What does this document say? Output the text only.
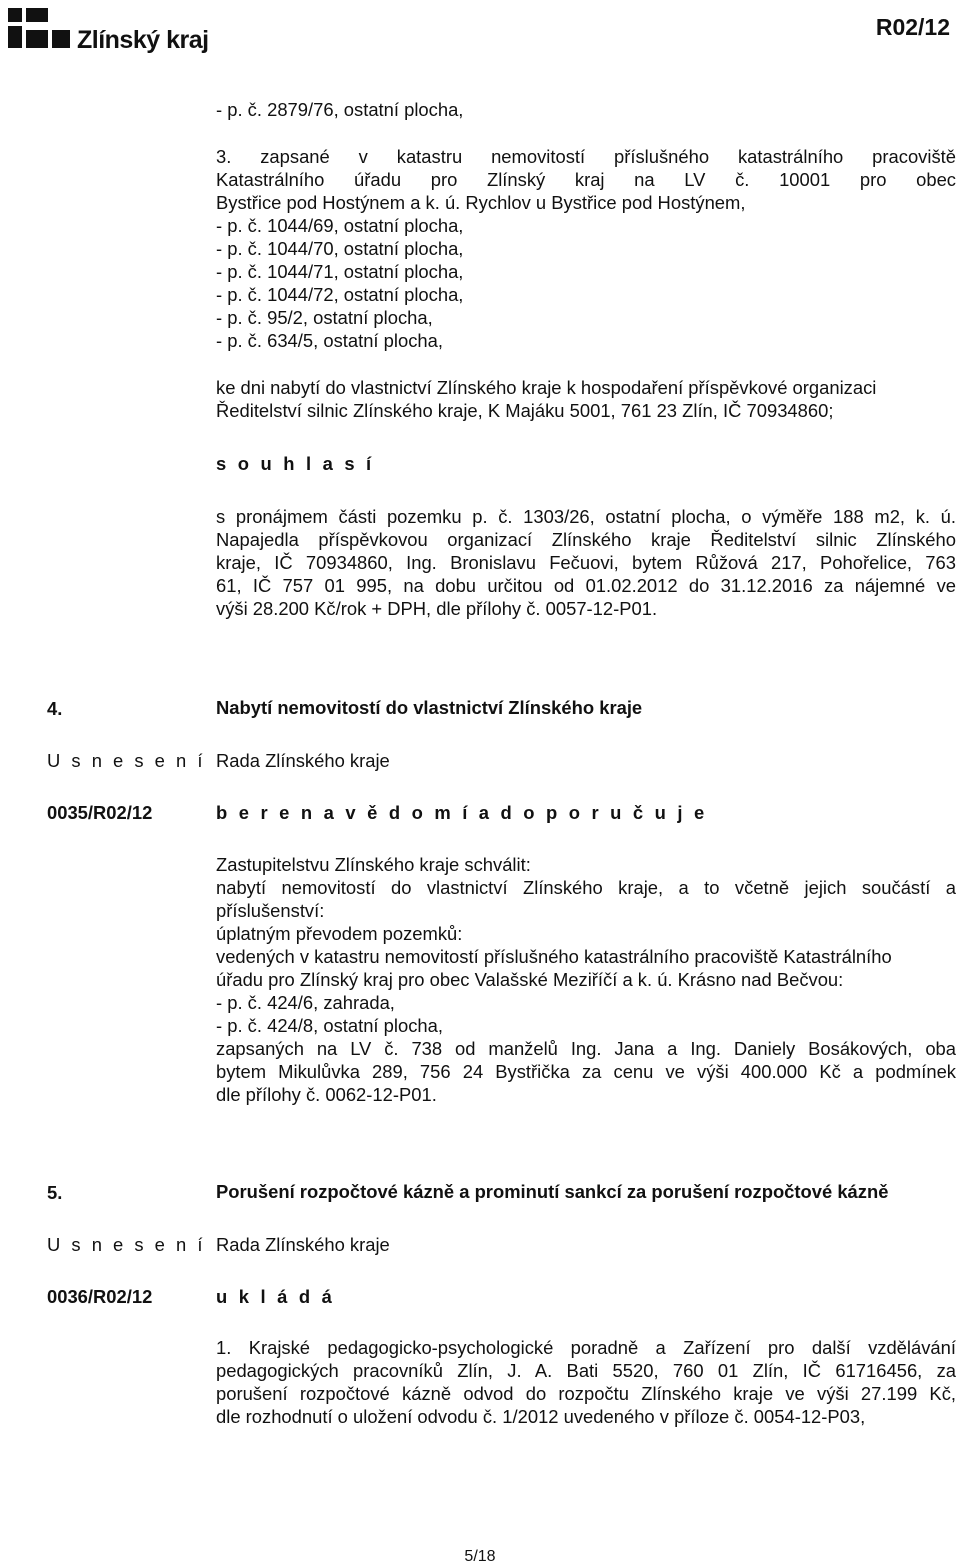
Zlínský kraj	R02/12
- p. č. 2879/76, ostatní plocha,
3. zapsané v katastru nemovitostí příslušného katastrálního pracoviště
Katastrálního úřadu pro Zlínský kraj na LV č. 10001 pro obec
Bystřice pod Hostýnem a k. ú. Rychlov u Bystřice pod Hostýnem,
- p. č. 1044/69, ostatní plocha,
- p. č. 1044/70, ostatní plocha,
- p. č. 1044/71, ostatní plocha,
- p. č. 1044/72, ostatní plocha,
- p. č. 95/2, ostatní plocha,
- p. č. 634/5, ostatní plocha,
ke dni nabytí do vlastnictví Zlínského kraje k hospodaření příspěvkové organizaci
Ředitelství silnic Zlínského kraje, K Majáku 5001, 761 23 Zlín, IČ 70934860;
s o u h l a s í
s pronájmem části pozemku p. č. 1303/26, ostatní plocha, o výměře 188 m2, k. ú.
Napajedla příspěvkovou organizací Zlínského kraje Ředitelství silnic Zlínského
kraje, IČ 70934860, Ing. Bronislavu Fečuovi, bytem Růžová 217, Pohořelice, 763
61, IČ 757 01 995, na dobu určitou od 01.02.2012 do 31.12.2016 za nájemné ve
výši 28.200 Kč/rok + DPH, dle přílohy č. 0057-12-P01.
4.	Nabytí nemovitostí do vlastnictví Zlínského kraje
U s n e s e n í Rada Zlínského kraje
0035/R02/12	b e r e n a v ě d o m í a d o p o r u č u j e
Zastupitelstvu Zlínského kraje schválit:
nabytí nemovitostí do vlastnictví Zlínského kraje, a to včetně jejich součástí a
příslušenství:
úplatným převodem pozemků:
vedených v katastru nemovitostí příslušného katastrálního pracoviště Katastrálního
úřadu pro Zlínský kraj pro obec Valašské Meziříčí a k. ú. Krásno nad Bečvou:
- p. č. 424/6, zahrada,
- p. č. 424/8, ostatní plocha,
zapsaných na LV č. 738 od manželů Ing. Jana a Ing. Daniely Bosákových, oba
bytem Mikulůvka 289, 756 24 Bystřička za cenu ve výši 400.000 Kč a podmínek
dle přílohy č. 0062-12-P01.
5.	Porušení rozpočtové kázně a prominutí sankcí za porušení rozpočtové kázně
U s n e s e n í Rada Zlínského kraje
0036/R02/12	u k l á d á
1. Krajské pedagogicko-psychologické poradně a Zařízení pro další vzdělávání
pedagogických pracovníků Zlín, J. A. Bati 5520, 760 01 Zlín, IČ 61716456, za
porušení rozpočtové kázně odvod do rozpočtu Zlínského kraje ve výši 27.199 Kč,
dle rozhodnutí o uložení odvodu č. 1/2012 uvedeného v příloze č. 0054-12-P03,
5/18
